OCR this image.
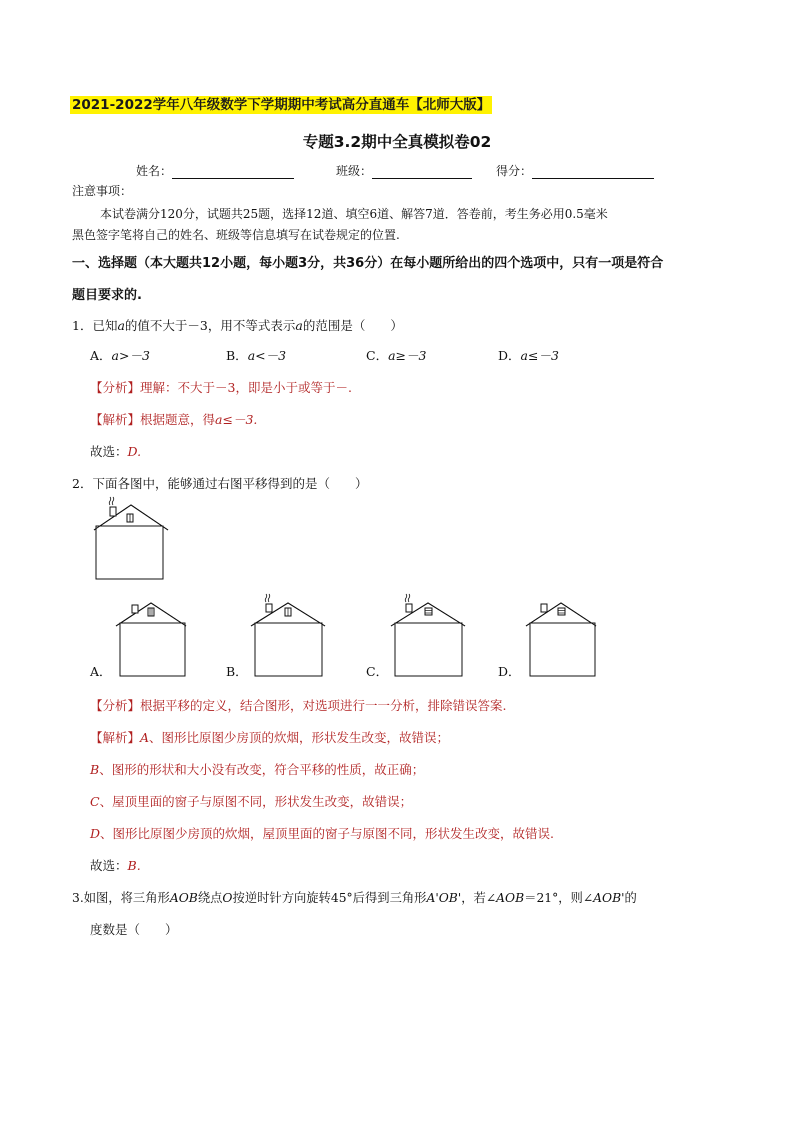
2021-2022学年八年级数学下学期期中考试高分直通车【北师大版】
专题3.2期中全真模拟卷02
姓名：	班级：	得分：
注意事项：
本试卷满分120分，试题共25题，选择12道、填空6道、解答7道．答卷前，考生务必用0.5毫米
黑色签字笔将自己的姓名、班级等信息填写在试卷规定的位置.
一、选择题（本大题共12小题，每小题3分，共36分）在每小题所给出的四个选项中，只有一项是符合
题目要求的.
1．已知a的值不大于－3，用不等式表示a的范围是（　　）
A．a>－3	B．a<－3	C．a≥－3	D．a≤－3
【分析】理解：不大于－3，即是小于或等于－.
【解析】根据题意，得a≤－3.
故选：D.
2．下面各图中，能够通过右图平移得到的是（　　）
A．	B．	C．	D．
【分析】根据平移的定义，结合图形，对选项进行一一分析，排除错误答案.
【解析】A、图形比原图少房顶的炊烟，形状发生改变，故错误；
B、图形的形状和大小没有改变，符合平移的性质，故正确；
C、屋顶里面的窗子与原图不同，形状发生改变，故错误；
D、图形比原图少房顶的炊烟，屋顶里面的窗子与原图不同，形状发生改变，故错误.
故选：B.
3.如图，将三角形AOB绕点O按逆时针方向旋转45°后得到三角形A'OB'，若∠AOB＝21°，则∠AOB'的
度数是（　　）
